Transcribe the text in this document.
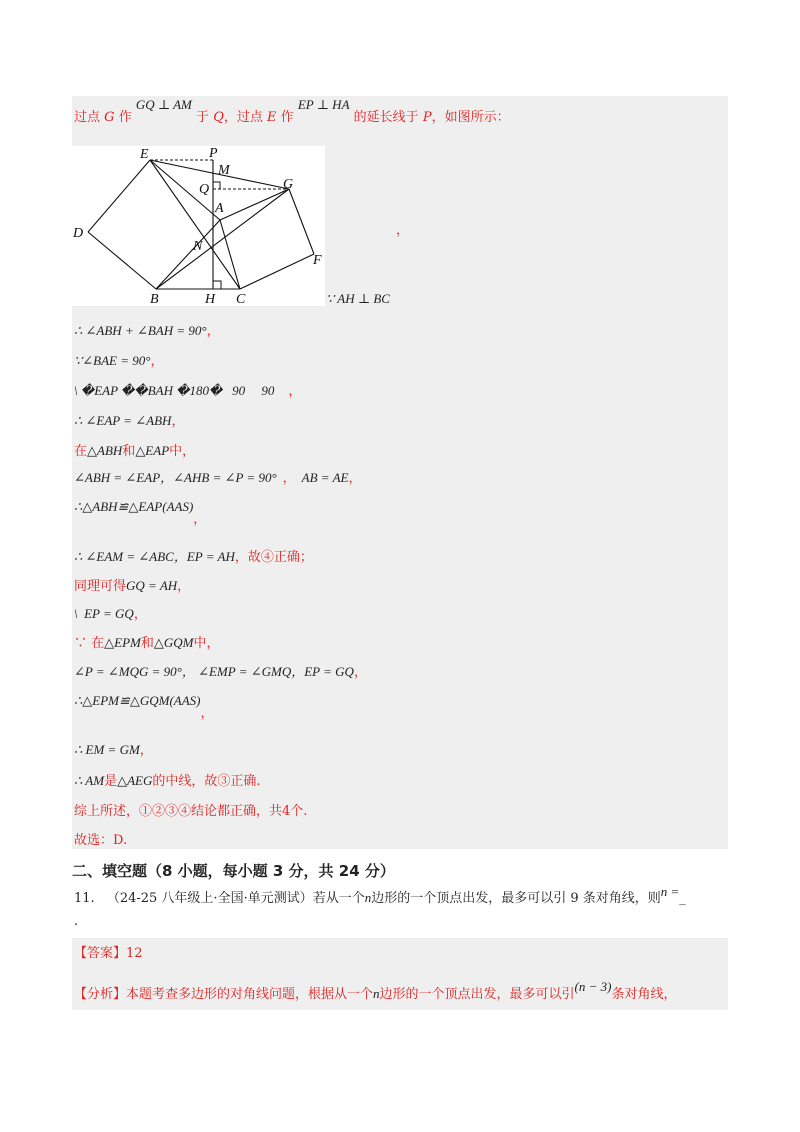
过点 G 作 GQ ⊥ AM 于 Q，过点 E 作 EP ⊥ HA 的延长线于 P，如图所示：
E	P
M
Q	G
A
D
N
F
B	H C
，
∵ AH ⊥ BC
∴ ∠ABH + ∠BAH = 90°，
∵∠BAE = 90°，
\ �EAP ��BAH �180�   90     90 ，
∴ ∠EAP = ∠ABH，
在△ABH和△EAP中，
∠ABH = ∠EAP，∠AHB = ∠P = 90° ， AB = AE，
∴△ABH≌△EAP(AAS)，
∴ ∠EAM = ∠ABC，EP = AH，故④正确；
同理可得GQ = AH，
\  EP = GQ，
∵ 在△EPM和△GQM中，
∠P = ∠MQG = 90°， ∠EMP = ∠GMQ，EP = GQ，
∴△EPM≌△GQM(AAS)，
∴ EM = GM，
∴ AM是△AEG的中线，故③正确.
综上所述，①②③④结论都正确，共4个.
故选：D.
二、填空题（8 小题，每小题 3 分，共 24 分）
11. （24-25 八年级上·全国·单元测试）若从一个n边形的一个顶点出发，最多可以引 9 条对角线，则n =_
.
【答案】12
【分析】本题考查多边形的对角线问题，根据从一个n边形的一个顶点出发，最多可以引(n − 3)条对角线，
